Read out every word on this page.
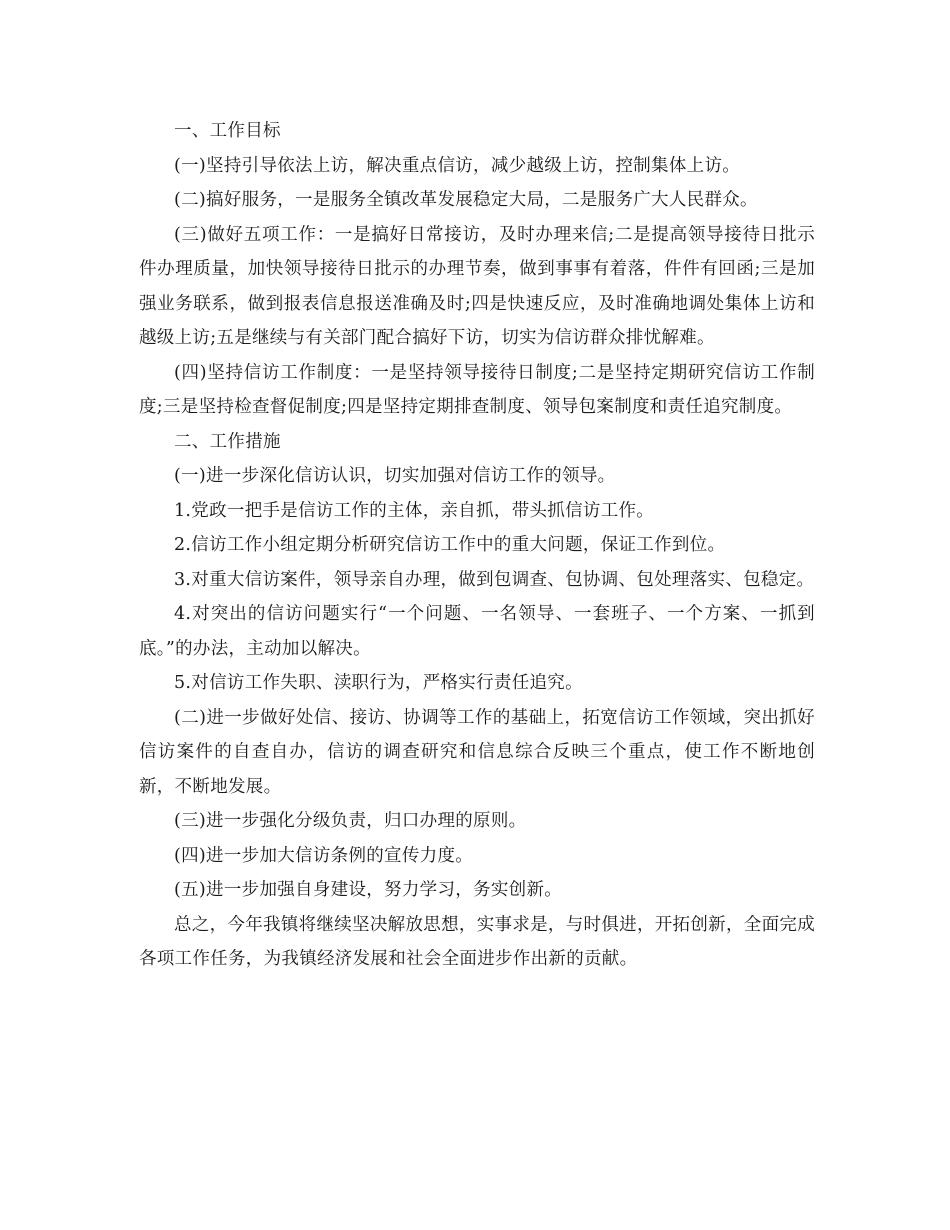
一、工作目标

(一)坚持引导依法上访，解决重点信访，减少越级上访，控制集体上访。

(二)搞好服务，一是服务全镇改革发展稳定大局，二是服务广大人民群众。

(三)做好五项工作：一是搞好日常接访，及时办理来信;二是提高领导接待日批示件办理质量，加快领导接待日批示的办理节奏，做到事事有着落，件件有回函;三是加强业务联系，做到报表信息报送准确及时;四是快速反应，及时准确地调处集体上访和越级上访;五是继续与有关部门配合搞好下访，切实为信访群众排忧解难。

(四)坚持信访工作制度：一是坚持领导接待日制度;二是坚持定期研究信访工作制度;三是坚持检查督促制度;四是坚持定期排查制度、领导包案制度和责任追究制度。

二、工作措施

(一)进一步深化信访认识，切实加强对信访工作的领导。

1.党政一把手是信访工作的主体，亲自抓，带头抓信访工作。

2.信访工作小组定期分析研究信访工作中的重大问题，保证工作到位。

3.对重大信访案件，领导亲自办理，做到包调查、包协调、包处理落实、包稳定。

4.对突出的信访问题实行“一个问题、一名领导、一套班子、一个方案、一抓到底。”的办法，主动加以解决。

5.对信访工作失职、渎职行为，严格实行责任追究。

(二)进一步做好处信、接访、协调等工作的基础上，拓宽信访工作领域，突出抓好信访案件的自查自办，信访的调查研究和信息综合反映三个重点，使工作不断地创新，不断地发展。

(三)进一步强化分级负责，归口办理的原则。

(四)进一步加大信访条例的宣传力度。

(五)进一步加强自身建设，努力学习，务实创新。

总之，今年我镇将继续坚决解放思想，实事求是，与时俱进，开拓创新，全面完成各项工作任务，为我镇经济发展和社会全面进步作出新的贡献。
